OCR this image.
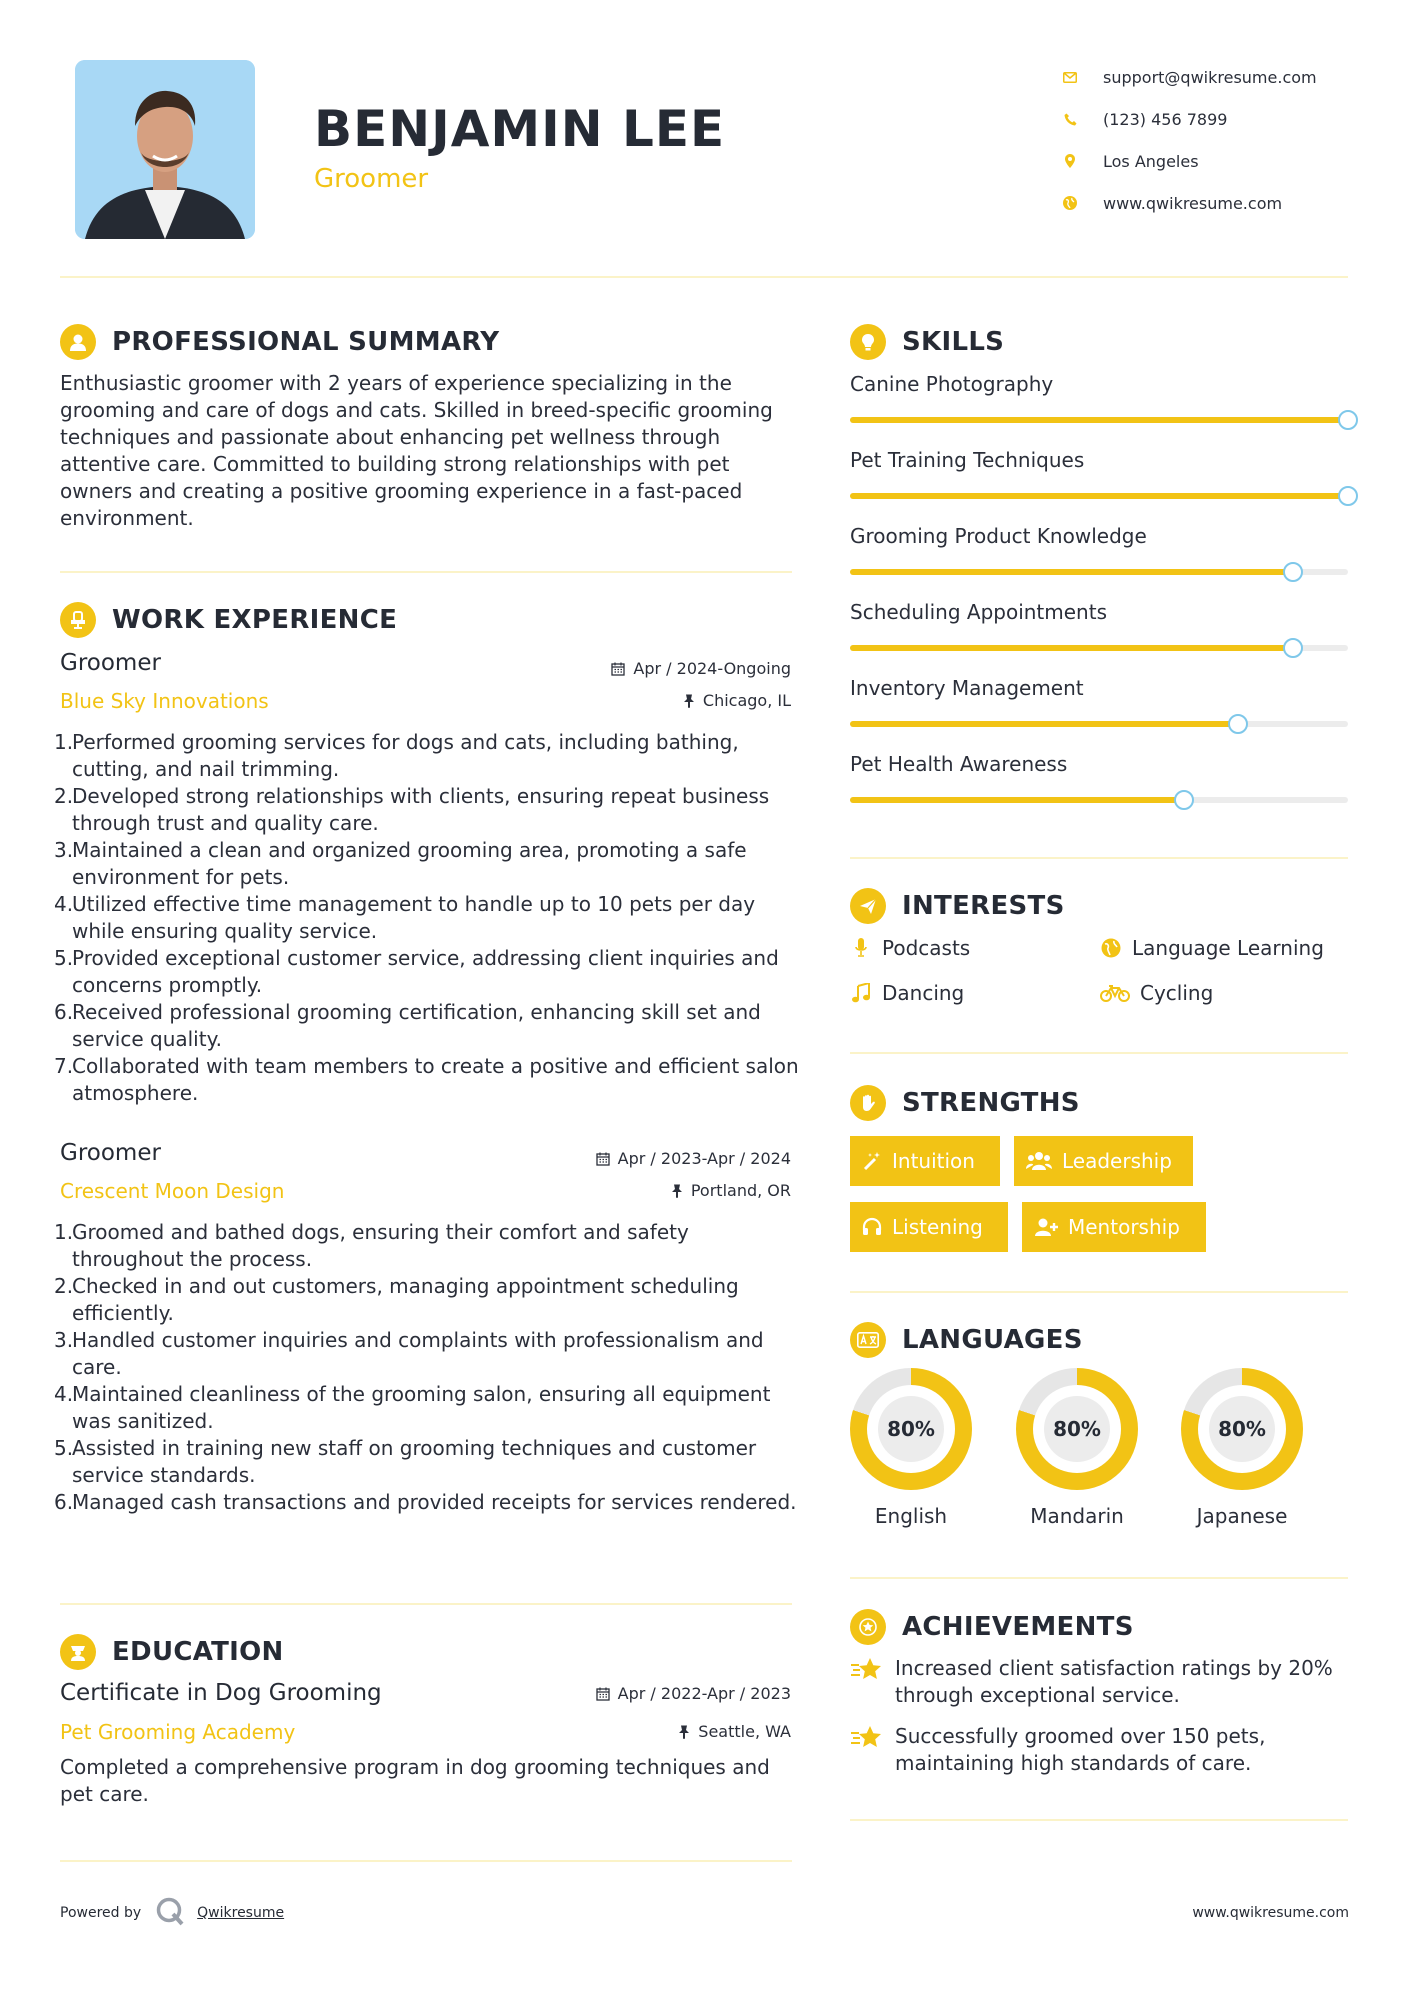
BENJAMIN LEE
Groomer
support@qwikresume.com
(123) 456 7899
Los Angeles
www.qwikresume.com
PROFESSIONAL SUMMARY
Enthusiastic groomer with 2 years of experience specializing in the grooming and care of dogs and cats. Skilled in breed-specific grooming techniques and passionate about enhancing pet wellness through attentive care. Committed to building strong relationships with pet owners and creating a positive grooming experience in a fast-paced environment.
WORK EXPERIENCE
Groomer	Apr / 2024-Ongoing
Blue Sky Innovations	Chicago, IL
1.
Performed grooming services for dogs and cats, including bathing, cutting, and nail trimming.
2.
Developed strong relationships with clients, ensuring repeat business through trust and quality care.
3.
Maintained a clean and organized grooming area, promoting a safe environment for pets.
4.
Utilized effective time management to handle up to 10 pets per day while ensuring quality service.
5.
Provided exceptional customer service, addressing client inquiries and concerns promptly.
6.
Received professional grooming certification, enhancing skill set and service quality.
7.
Collaborated with team members to create a positive and efficient salon atmosphere.
Groomer	Apr / 2023-Apr / 2024
Crescent Moon Design	Portland, OR
1.
Groomed and bathed dogs, ensuring their comfort and safety throughout the process.
2.
Checked in and out customers, managing appointment scheduling efficiently.
3.
Handled customer inquiries and complaints with professionalism and care.
4.
Maintained cleanliness of the grooming salon, ensuring all equipment was sanitized.
5.
Assisted in training new staff on grooming techniques and customer service standards.
6.
Managed cash transactions and provided receipts for services rendered.
EDUCATION
Certificate in Dog Grooming	Apr / 2022-Apr / 2023
Pet Grooming Academy	Seattle, WA
Completed a comprehensive program in dog grooming techniques and pet care.
SKILLS
Canine Photography
Pet Training Techniques
Grooming Product Knowledge
Scheduling Appointments
Inventory Management
Pet Health Awareness
INTERESTS
Podcasts	Language Learning
Dancing	Cycling
STRENGTHS
Intuition	Leadership
Listening	Mentorship
LANGUAGES
80%
English
80%
Mandarin
80%
Japanese
ACHIEVEMENTS
Increased client satisfaction ratings by 20% through exceptional service.
Successfully groomed over 150 pets, maintaining high standards of care.
Powered by	Qwikresume	www.qwikresume.com
